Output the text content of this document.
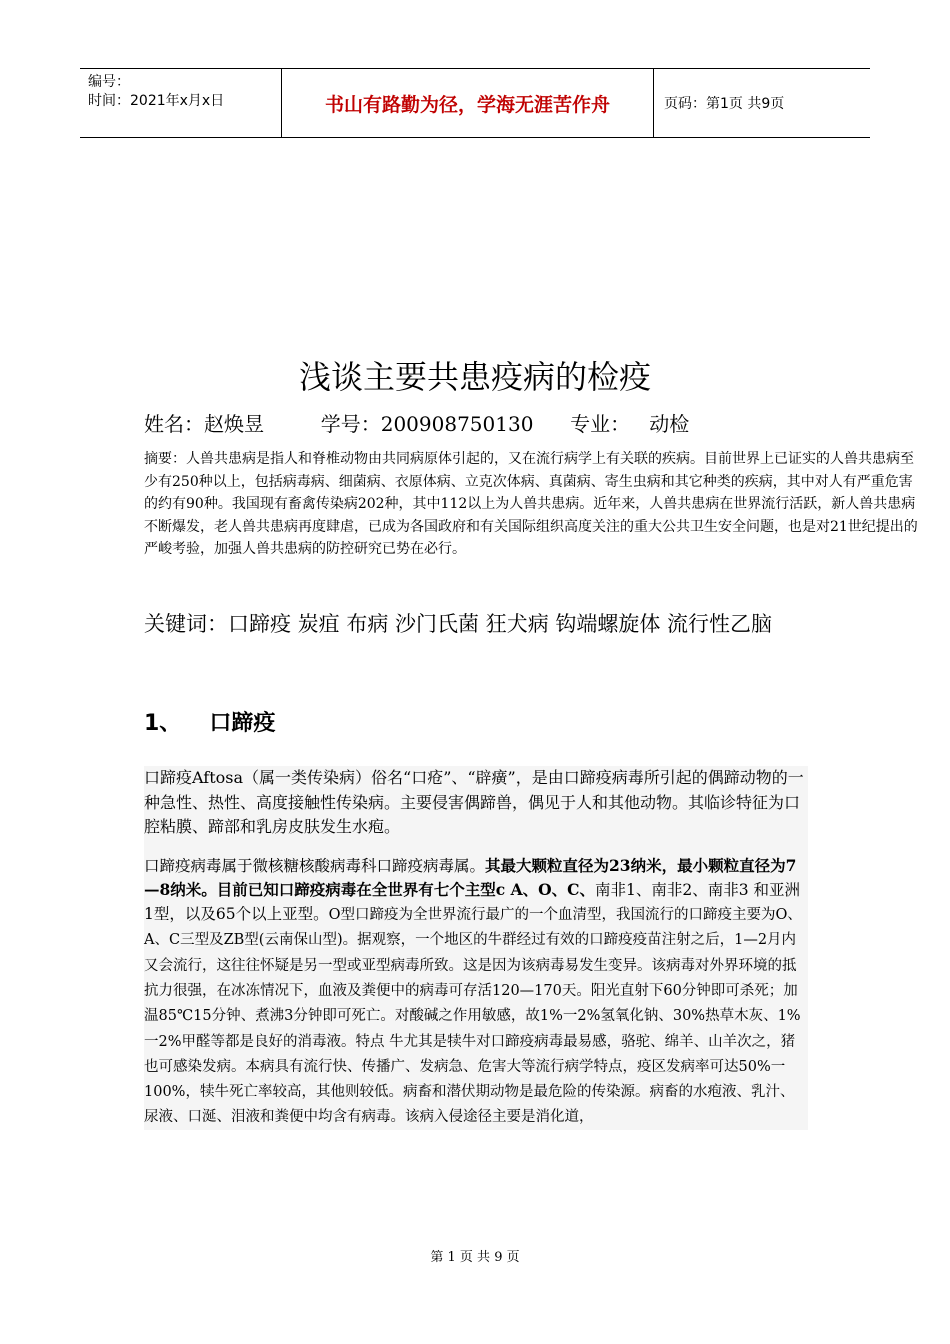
编号：
时间：2021年x月x日	书山有路勤为径，学海无涯苦作舟	页码：第1页 共9页
浅谈主要共患疫病的检疫
姓名：赵焕昱	学号：200908750130 专业：   动检

摘要：人兽共患病是指人和脊椎动物由共同病原体引起的，又在流行病学上有关联的疾病。目前世界上已证实的人兽共患病至少有250种以上，包括病毒病、细菌病、衣原体病、立克次体病、真菌病、寄生虫病和其它种类的疾病，其中对人有严重危害的约有90种。我国现有畜禽传染病202种，其中112以上为人兽共患病。近年来，人兽共患病在世界流行活跃，新人兽共患病不断爆发，老人兽共患病再度肆虐，已成为各国政府和有关国际组织高度关注的重大公共卫生安全问题，也是对21世纪提出的严峻考验，加强人兽共患病的防控研究已势在必行。

关键词：口蹄疫 炭疽 布病 沙门氏菌 狂犬病 钩端螺旋体 流行性乙脑

1、 口蹄疫

口蹄疫Aftosa（属一类传染病）俗名“口疮”、“辟癀”，是由口蹄疫病毒所引起的偶蹄动物的一种急性、热性、高度接触性传染病。主要侵害偶蹄兽，偶见于人和其他动物。其临诊特征为口腔粘膜、蹄部和乳房皮肤发生水疱。

口蹄疫病毒属于微核糖核酸病毒科口蹄疫病毒属。其最大颗粒直径为23纳米，最小颗粒直径为7—8纳米。目前已知口蹄疫病毒在全世界有七个主型c A、O、C、南非1、南非2、南非3 和亚洲1型，以及65个以上亚型。O型口蹄疫为全世界流行最广的一个血清型，我国流行的口蹄疫主要为O、A、C三型及ZB型(云南保山型)。据观察，一个地区的牛群经过有效的口蹄疫疫苗注射之后，1—2月内又会流行，这往往怀疑是另一型或亚型病毒所致。这是因为该病毒易发生变异。该病毒对外界环境的抵抗力很强，在冰冻情况下，血液及粪便中的病毒可存活120—170天。阳光直射下60分钟即可杀死；加温85℃15分钟、煮沸3分钟即可死亡。对酸碱之作用敏感，故1%一2%氢氧化钠、30%热草木灰、1%一2%甲醛等都是良好的消毒液。特点 牛尤其是犊牛对口蹄疫病毒最易感，骆驼、绵羊、山羊次之，猪也可感染发病。本病具有流行快、传播广、发病急、危害大等流行病学特点，疫区发病率可达50%一100%，犊牛死亡率较高，其他则较低。病畜和潜伏期动物是最危险的传染源。病畜的水疱液、乳汁、尿液、口涎、泪液和粪便中均含有病毒。该病入侵途径主要是消化道，

第 1 页 共 9 页
